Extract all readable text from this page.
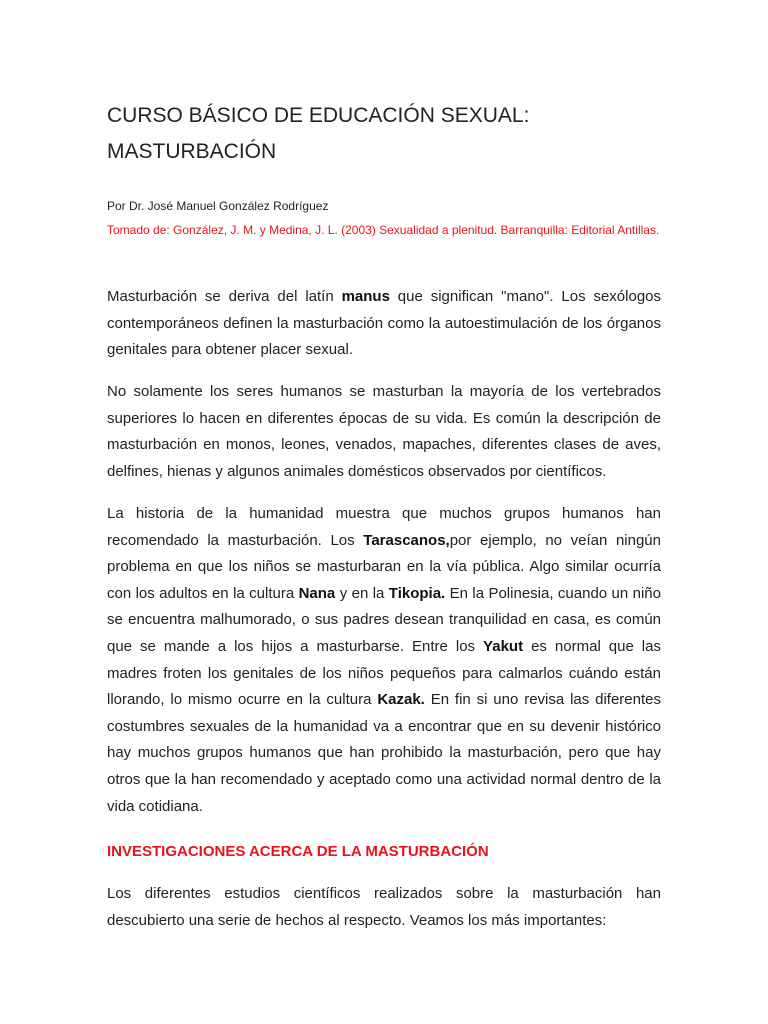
CURSO BÁSICO DE EDUCACIÓN SEXUAL:
MASTURBACIÓN

Por Dr. José Manuel González Rodríguez

Tomado de: González, J. M. y Medina, J. L. (2003) Sexualidad a plenitud. Barranquilla: Editorial Antillas.

Masturbación se deriva del latín manus que significan "mano". Los sexólogos contemporáneos definen la masturbación como la autoestimulación de los órganos genitales para obtener placer sexual.

No solamente los seres humanos se masturban la mayoría de los vertebrados superiores lo hacen en diferentes épocas de su vida. Es común la descripción de masturbación en monos, leones, venados, mapaches, diferentes clases de aves, delfines, hienas y algunos animales domésticos observados por científicos.

La historia de la humanidad muestra que muchos grupos humanos han recomendado la masturbación. Los Tarascanos,por ejemplo, no veían ningún problema en que los niños se masturbaran en la vía pública. Algo similar ocurría con los adultos en la cultura Nana y en la Tikopia. En la Polinesia, cuando un niño se encuentra malhumorado, o sus padres desean tranquilidad en casa, es común que se mande a los hijos a masturbarse. Entre los Yakut es normal que las madres froten los genitales de los niños pequeños para calmarlos cuándo están llorando, lo mismo ocurre en la cultura Kazak. En fin si uno revisa las diferentes costumbres sexuales de la humanidad va a encontrar que en su devenir histórico hay muchos grupos humanos que han prohibido la masturbación, pero que hay otros que la han recomendado y aceptado como una actividad normal dentro de la vida cotidiana.

INVESTIGACIONES ACERCA DE LA MASTURBACIÓN

Los diferentes estudios científicos realizados sobre la masturbación han descubierto una serie de hechos al respecto. Veamos los más importantes:
